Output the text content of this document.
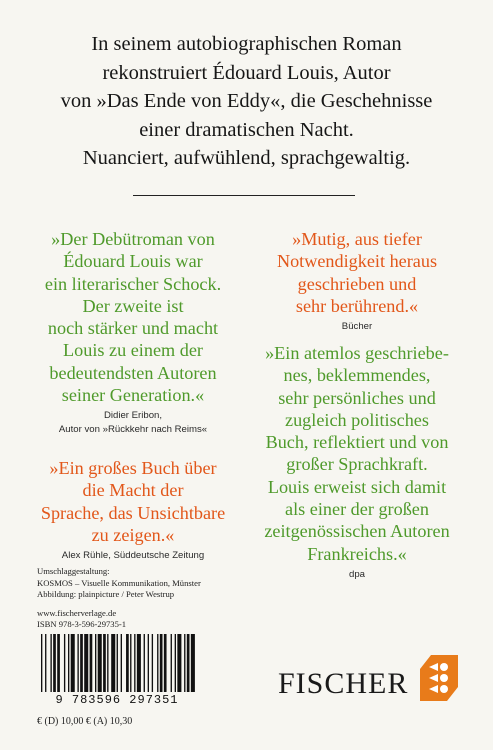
In seinem autobiographischen Roman
rekonstruiert Édouard Louis, Autor
von »Das Ende von Eddy«, die Geschehnisse
einer dramatischen Nacht.
Nuanciert, aufwühlend, sprachgewaltig.
»Der Debütroman von
Édouard Louis war
ein literarischer Schock.
Der zweite ist
noch stärker und macht
Louis zu einem der
bedeutendsten Autoren
seiner Generation.«
Didier Eribon,
Autor von »Rückkehr nach Reims«
»Ein großes Buch über
die Macht der
Sprache, das Unsichtbare
zu zeigen.«
Alex Rühle, Süddeutsche Zeitung
»Mutig, aus tiefer
Notwendigkeit heraus
geschrieben und
sehr berührend.«
Bücher
»Ein atemlos geschriebe-
nes, beklemmendes,
sehr persönliches und
zugleich politisches
Buch, reflektiert und von
großer Sprachkraft.
Louis erweist sich damit
als einer der großen
zeitgenössischen Autoren
Frankreichs.«
dpa
Umschlaggestaltung:
KOSMOS – Visuelle Kommunikation, Münster
Abbildung: plainpicture / Peter Westrup
www.fischerverlage.de
ISBN 978-3-596-29735-1
9 783596 297351
€ (D) 10,00 € (A) 10,30
FISCHER
